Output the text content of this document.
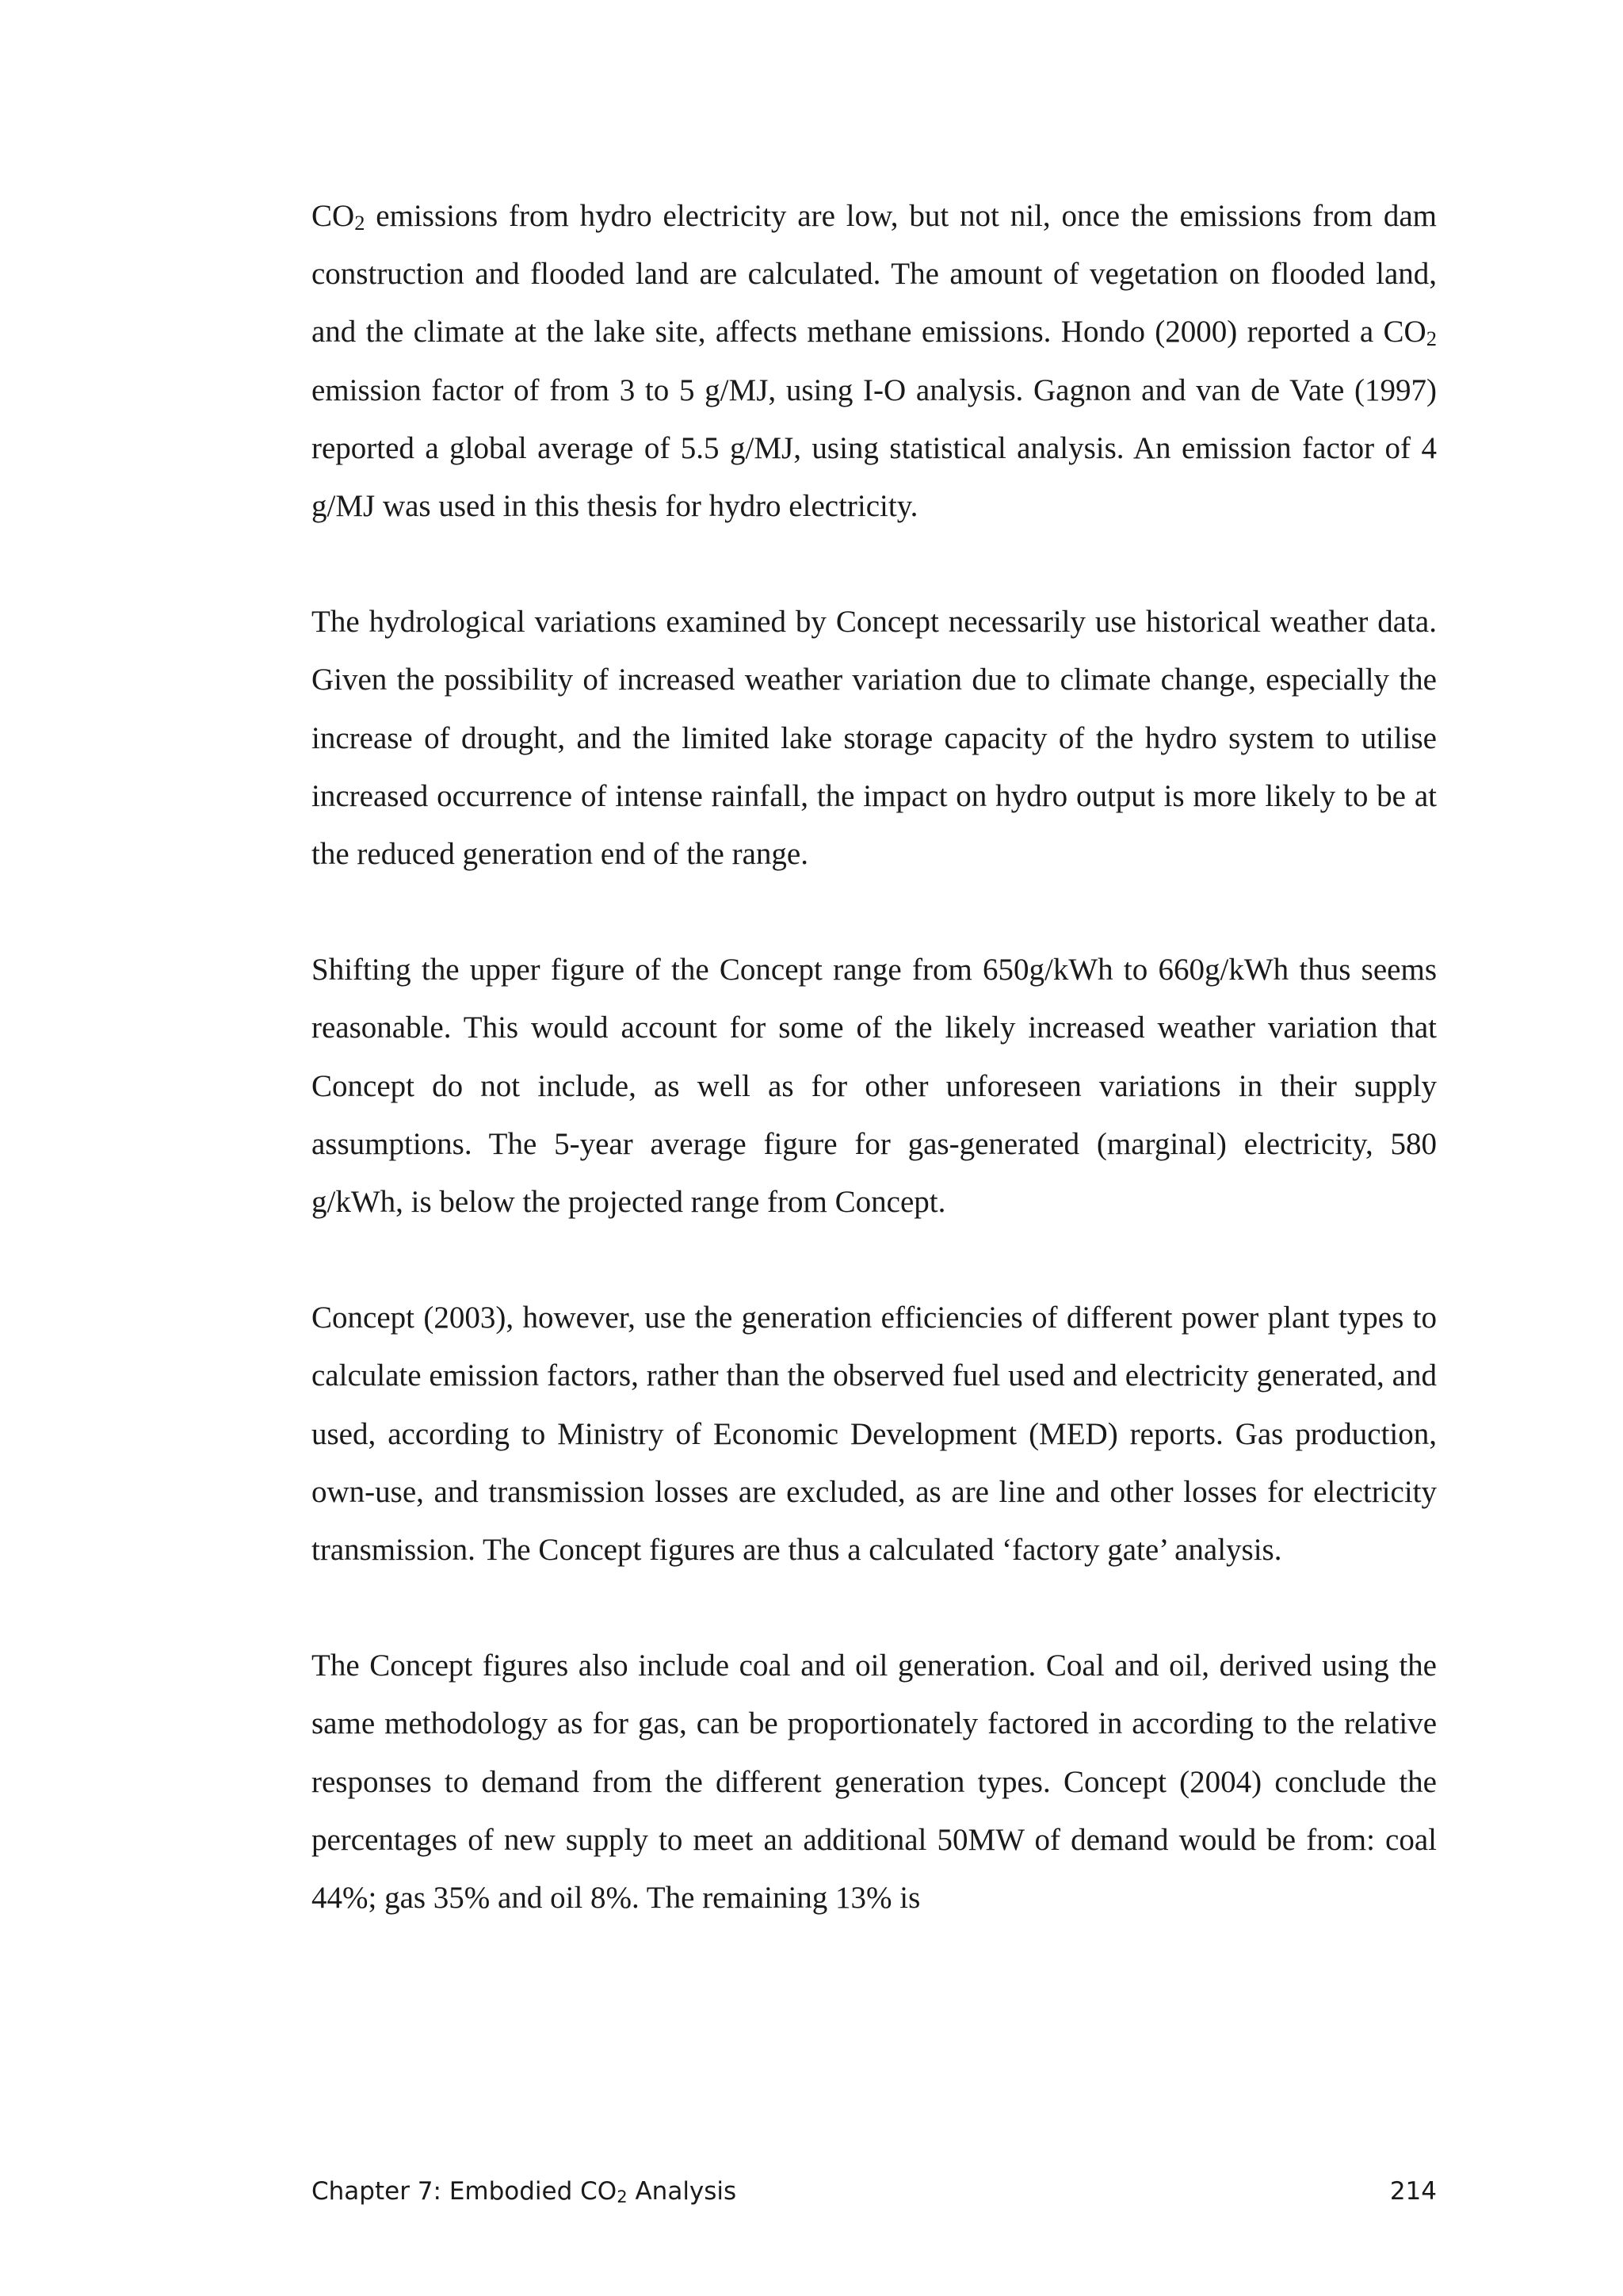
CO2 emissions from hydro electricity are low, but not nil, once the emissions from dam construction and flooded land are calculated. The amount of vegetation on flooded land, and the climate at the lake site, affects methane emissions. Hondo (2000) reported a CO2 emission factor of from 3 to 5 g/MJ, using I-O analysis. Gagnon and van de Vate (1997) reported a global average of 5.5 g/MJ, using statistical analysis. An emission factor of 4 g/MJ was used in this thesis for hydro electricity.

The hydrological variations examined by Concept necessarily use historical weather data. Given the possibility of increased weather variation due to climate change, especially the increase of drought, and the limited lake storage capacity of the hydro system to utilise increased occurrence of intense rainfall, the impact on hydro output is more likely to be at the reduced generation end of the range.

Shifting the upper figure of the Concept range from 650g/kWh to 660g/kWh thus seems reasonable. This would account for some of the likely increased weather variation that Concept do not include, as well as for other unforeseen variations in their supply assumptions. The 5-year average figure for gas-generated (marginal) electricity, 580 g/kWh, is below the projected range from Concept.

Concept (2003), however, use the generation efficiencies of different power plant types to calculate emission factors, rather than the observed fuel used and electricity generated, and used, according to Ministry of Economic Development (MED) reports. Gas production, own-use, and transmission losses are excluded, as are line and other losses for electricity transmission. The Concept figures are thus a calculated ‘factory gate’ analysis.

The Concept figures also include coal and oil generation. Coal and oil, derived using the same methodology as for gas, can be proportionately factored in according to the relative responses to demand from the different generation types. Concept (2004) conclude the percentages of new supply to meet an additional 50MW of demand would be from: coal 44%; gas 35% and oil 8%. The remaining 13% is

Chapter 7: Embodied CO2 Analysis	214
